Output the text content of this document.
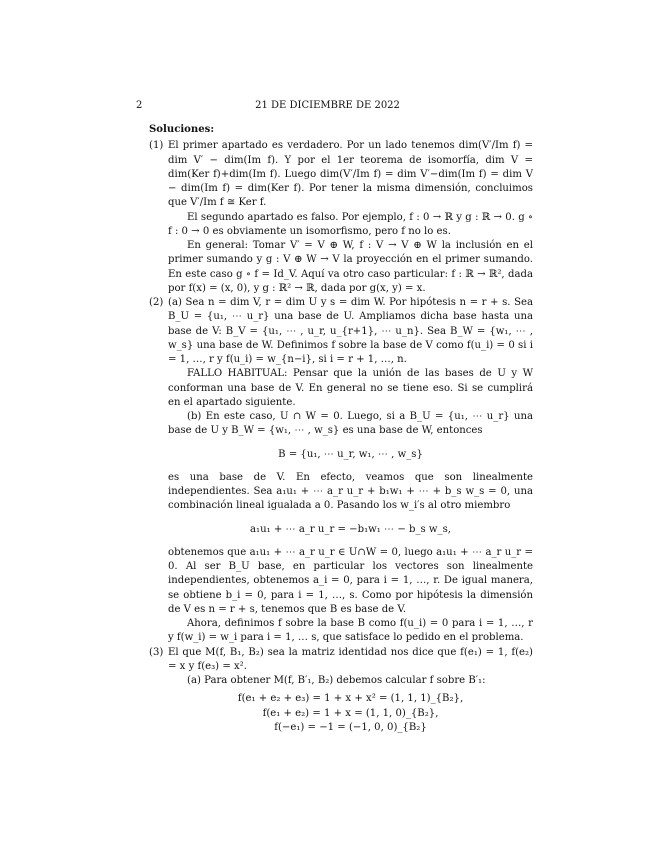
2	21 DE DICIEMBRE DE 2022
Soluciones:
(1) El primer apartado es verdadero. Por un lado tenemos dim(V′/Im f) = dim V′ − dim(Im f). Y por el 1er teorema de isomorfía, dim V = dim(Ker f)+dim(Im f). Luego dim(V′/Im f) = dim V′−dim(Im f) = dim V − dim(Im f) = dim(Ker f). Por tener la misma dimensión, concluimos que V′/Im f ≅ Ker f.

El segundo apartado es falso. Por ejemplo, f : 0 → ℝ y g : ℝ → 0. g ∘ f : 0 → 0 es obviamente un isomorfismo, pero f no lo es.

En general: Tomar V′ = V ⊕ W, f : V → V ⊕ W la inclusión en el primer sumando y g : V ⊕ W → V la proyección en el primer sumando. En este caso g ∘ f = Id_V. Aquí va otro caso particular: f : ℝ → ℝ², dada por f(x) = (x, 0), y g : ℝ² → ℝ, dada por g(x, y) = x.

(2) (a) Sea n = dim V, r = dim U y s = dim W. Por hipótesis n = r + s. Sea B_U = {u₁, ⋯ u_r} una base de U. Ampliamos dicha base hasta una base de V: B_V = {u₁, ⋯ , u_r, u_{r+1}, ⋯ u_n}. Sea B_W = {w₁, ⋯ , w_s} una base de W. Definimos f sobre la base de V como f(u_i) = 0 si i = 1, …, r y f(u_i) = w_{n−i}, si i = r + 1, …, n.

FALLO HABITUAL: Pensar que la unión de las bases de U y W conforman una base de V. En general no se tiene eso. Si se cumplirá en el apartado siguiente.

(b) En este caso, U ∩ W = 0. Luego, si a B_U = {u₁, ⋯ u_r} una base de U y B_W = {w₁, ⋯ , w_s} es una base de W, entonces

B = {u₁, ⋯ u_r, w₁, ⋯ , w_s}

es una base de V. En efecto, veamos que son linealmente independientes. Sea a₁u₁ + ⋯ a_r u_r + b₁w₁ + ⋯ + b_s w_s = 0, una combinación lineal igualada a 0. Pasando los w_i′s al otro miembro

a₁u₁ + ⋯ a_r u_r = −b₁w₁ ⋯ − b_s w_s,

obtenemos que a₁u₁ + ⋯ a_r u_r ∈ U∩W = 0, luego a₁u₁ + ⋯ a_r u_r = 0. Al ser B_U base, en particular los vectores son linealmente independientes, obtenemos a_i = 0, para i = 1, …, r. De igual manera, se obtiene b_i = 0, para i = 1, …, s. Como por hipótesis la dimensión de V es n = r + s, tenemos que B es base de V.

Ahora, definimos f sobre la base B como f(u_i) = 0 para i = 1, …, r y f(w_i) = w_i para i = 1, … s, que satisface lo pedido en el problema.

(3) El que M(f, B₁, B₂) sea la matriz identidad nos dice que f(e₁) = 1, f(e₂) = x y f(e₃) = x².

(a) Para obtener M(f, B′₁, B₂) debemos calcular f sobre B′₁:

f(e₁ + e₂ + e₃) = 1 + x + x² = (1, 1, 1)_{B₂},
f(e₁ + e₂) = 1 + x = (1, 1, 0)_{B₂},
f(−e₁) = −1 = (−1, 0, 0)_{B₂}
